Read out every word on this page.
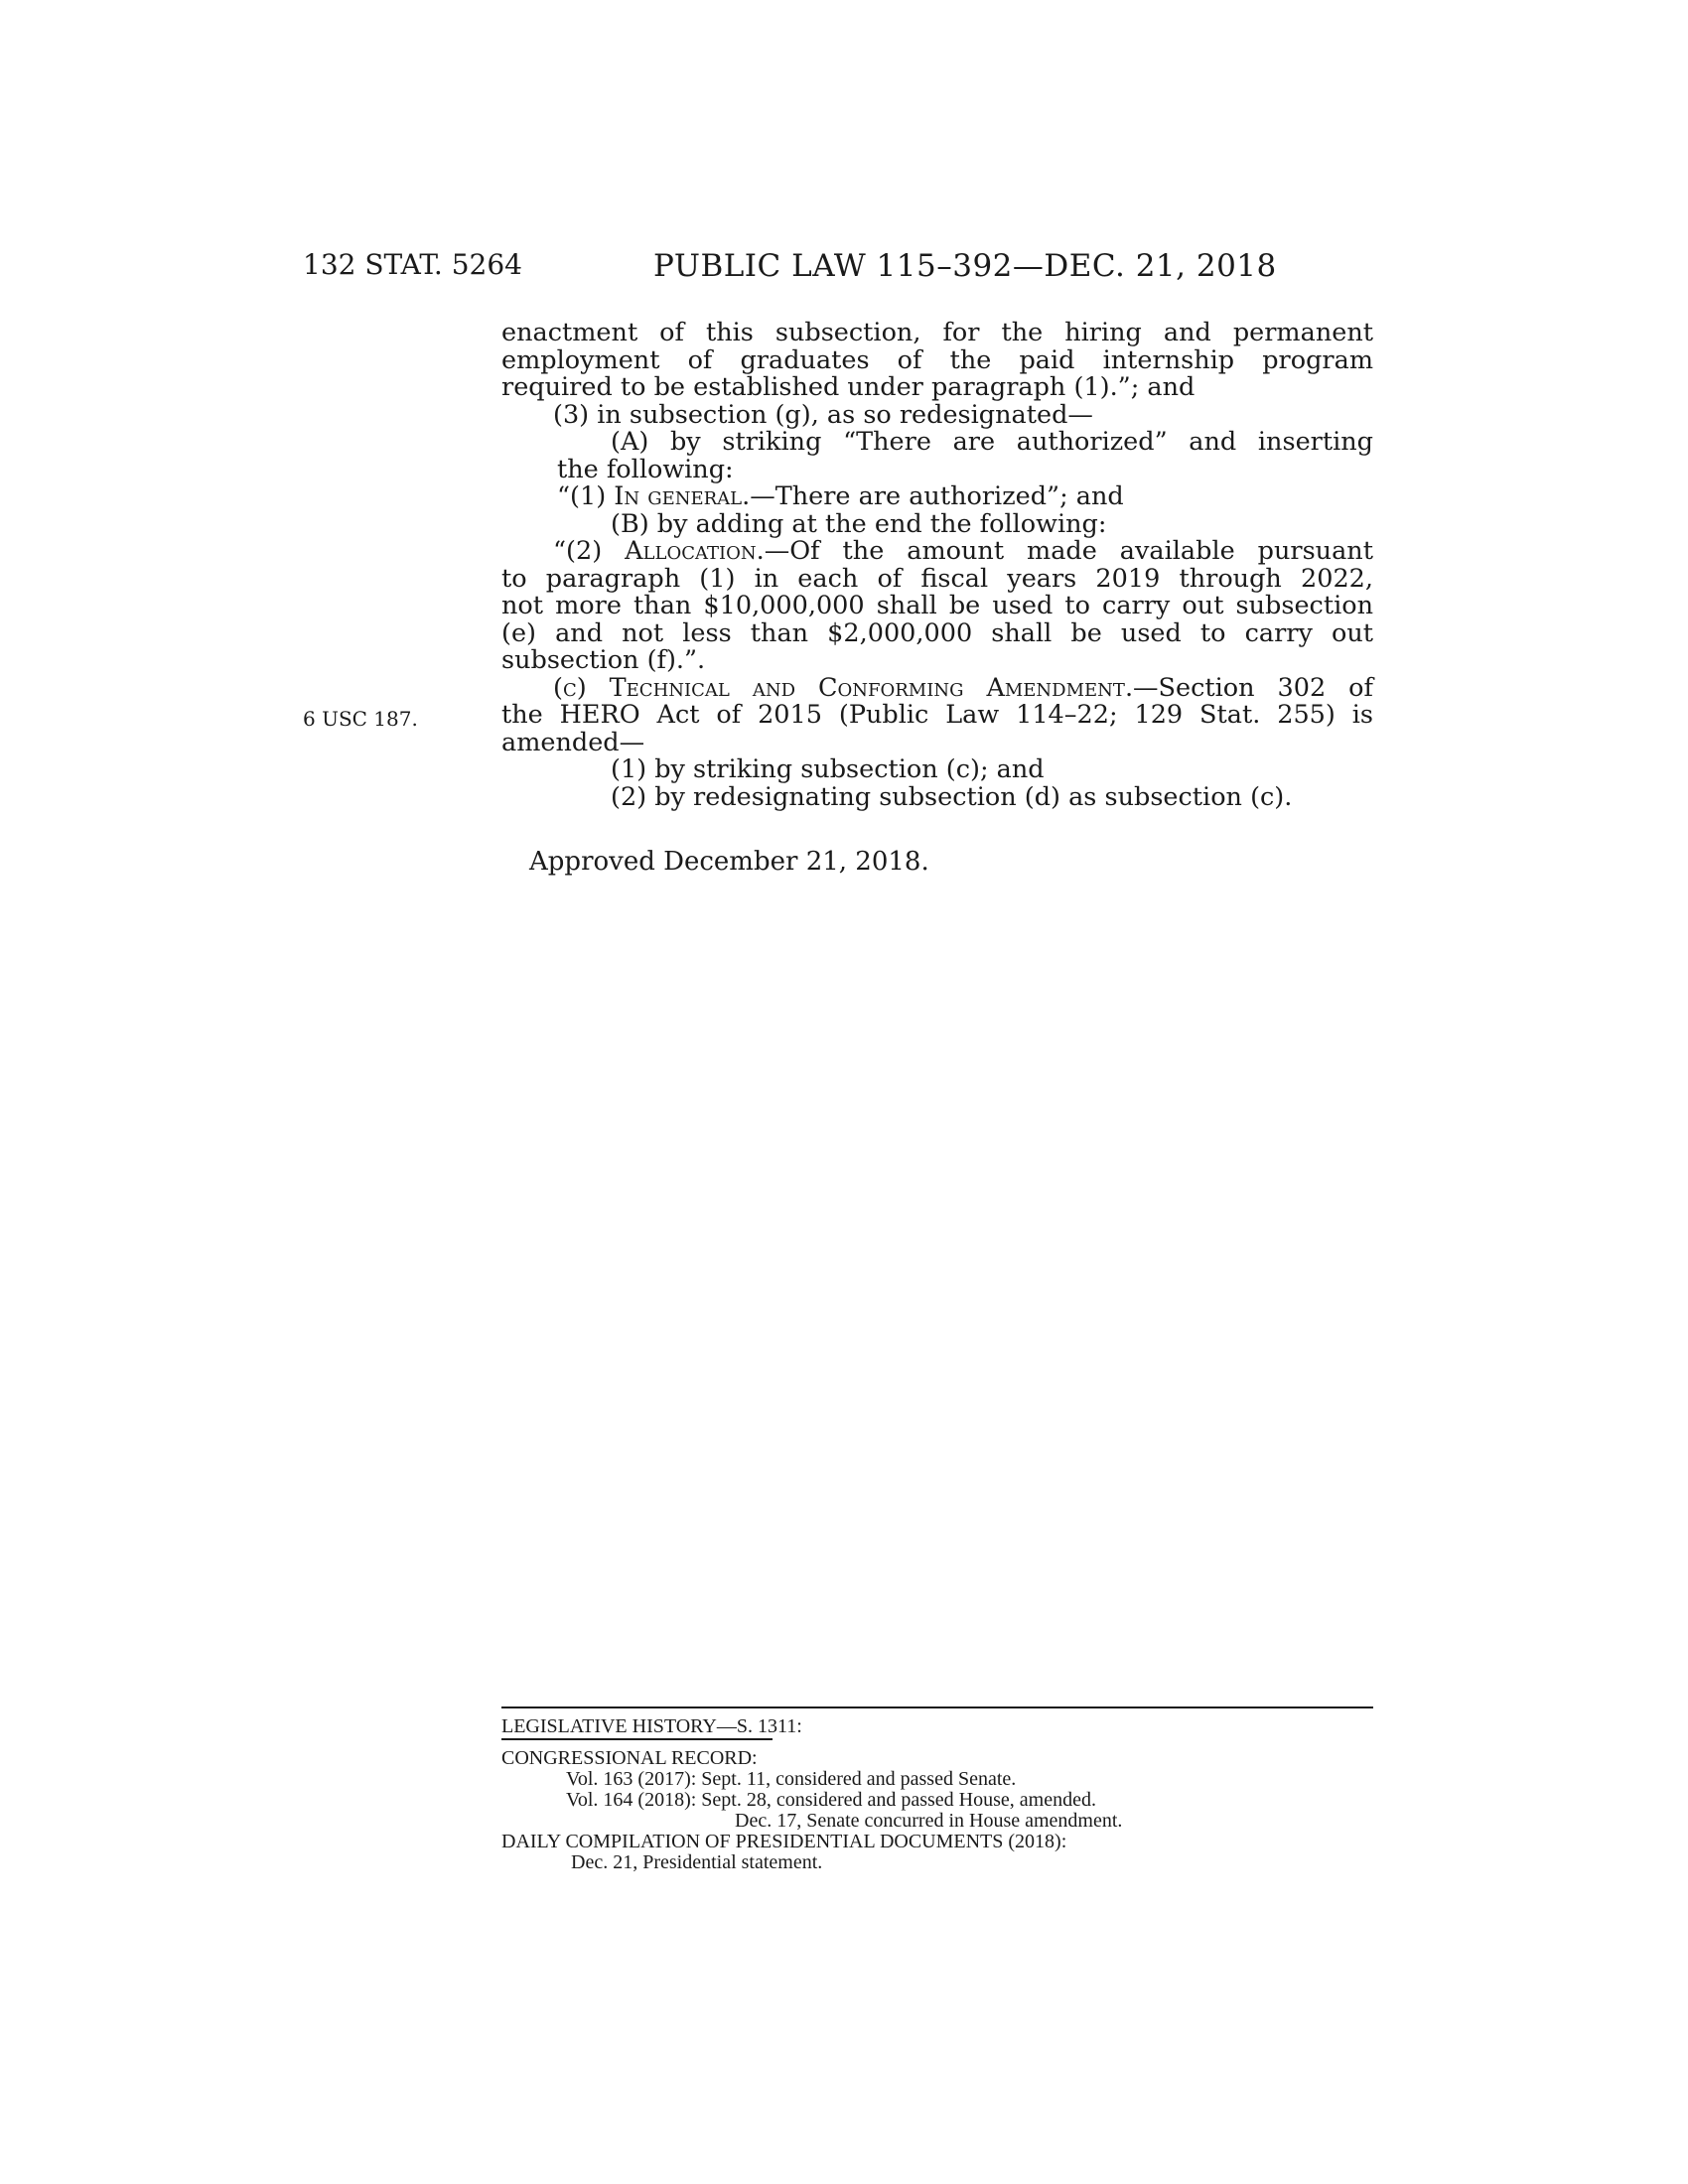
132 STAT. 5264	PUBLIC LAW 115–392—DEC. 21, 2018
enactment of this subsection, for the hiring and permanent
employment of graduates of the paid internship program
required to be established under paragraph (1).”; and
(3) in subsection (g), as so redesignated—
(A) by striking “There are authorized” and inserting
the following:
“(1) In general.—There are authorized”; and
(B) by adding at the end the following:
“(2) Allocation.—Of the amount made available pursuant
to paragraph (1) in each of fiscal years 2019 through 2022,
not more than $10,000,000 shall be used to carry out subsection
(e) and not less than $2,000,000 shall be used to carry out
subsection (f).”.
(c) Technical and Conforming Amendment.—Section 302 of
the HERO Act of 2015 (Public Law 114–22; 129 Stat. 255) is
amended—
(1) by striking subsection (c); and
(2) by redesignating subsection (d) as subsection (c).
6 USC 187.
Approved December 21, 2018.
LEGISLATIVE HISTORY—S. 1311:
CONGRESSIONAL RECORD:
Vol. 163 (2017): Sept. 11, considered and passed Senate.
Vol. 164 (2018): Sept. 28, considered and passed House, amended.
Dec. 17, Senate concurred in House amendment.
DAILY COMPILATION OF PRESIDENTIAL DOCUMENTS (2018):
Dec. 21, Presidential statement.
